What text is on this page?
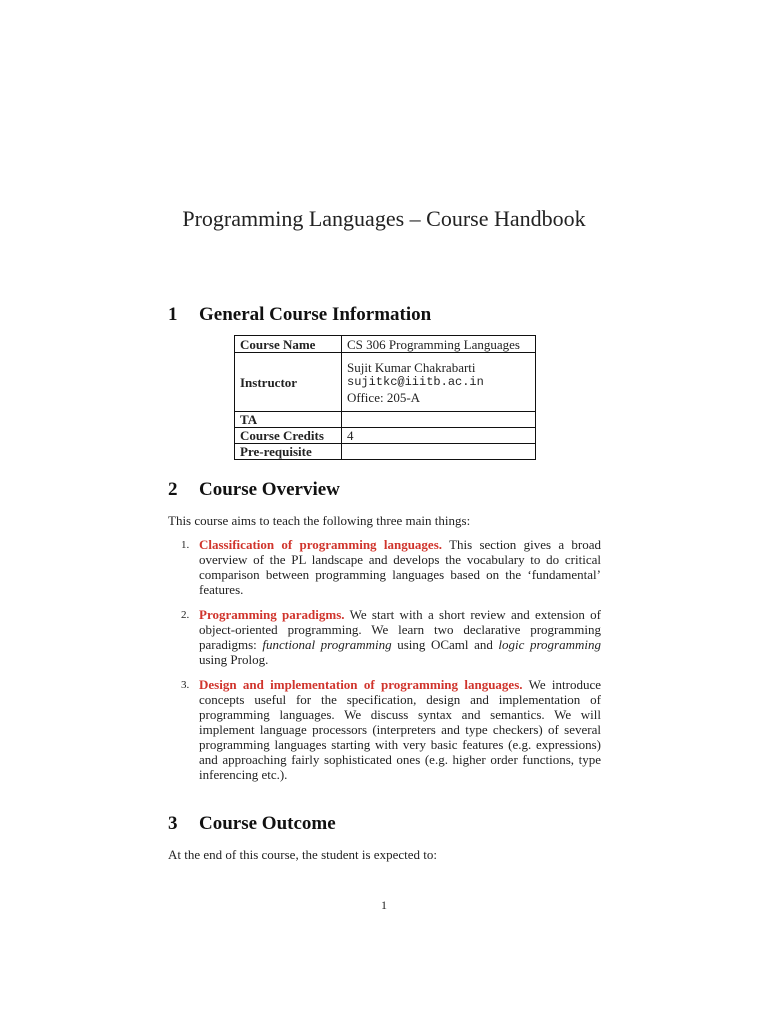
Programming Languages – Course Handbook
1 General Course Information
Course Name	CS 306 Programming Languages
Instructor	Sujit Kumar Chakrabarti
sujitkc@iiitb.ac.in
Office: 205-A

TA	
Course Credits	4
Pre-requisite	
2 Course Overview
This course aims to teach the following three main things:
1. Classification of programming languages. This section gives a broad overview of the PL landscape and develops the vocabulary to do critical comparison between programming languages based on the ‘fundamental’ features.
2. Programming paradigms. We start with a short review and extension of object-oriented programming. We learn two declarative programming paradigms: functional programming using OCaml and logic programming using Prolog.
3. Design and implementation of programming languages. We introduce concepts useful for the specification, design and implementation of programming languages. We discuss syntax and semantics. We will implement language processors (interpreters and type checkers) of several programming languages starting with very basic features (e.g. expressions) and approaching fairly sophisticated ones (e.g. higher order functions, type inferencing etc.).
3 Course Outcome
At the end of this course, the student is expected to:
1
